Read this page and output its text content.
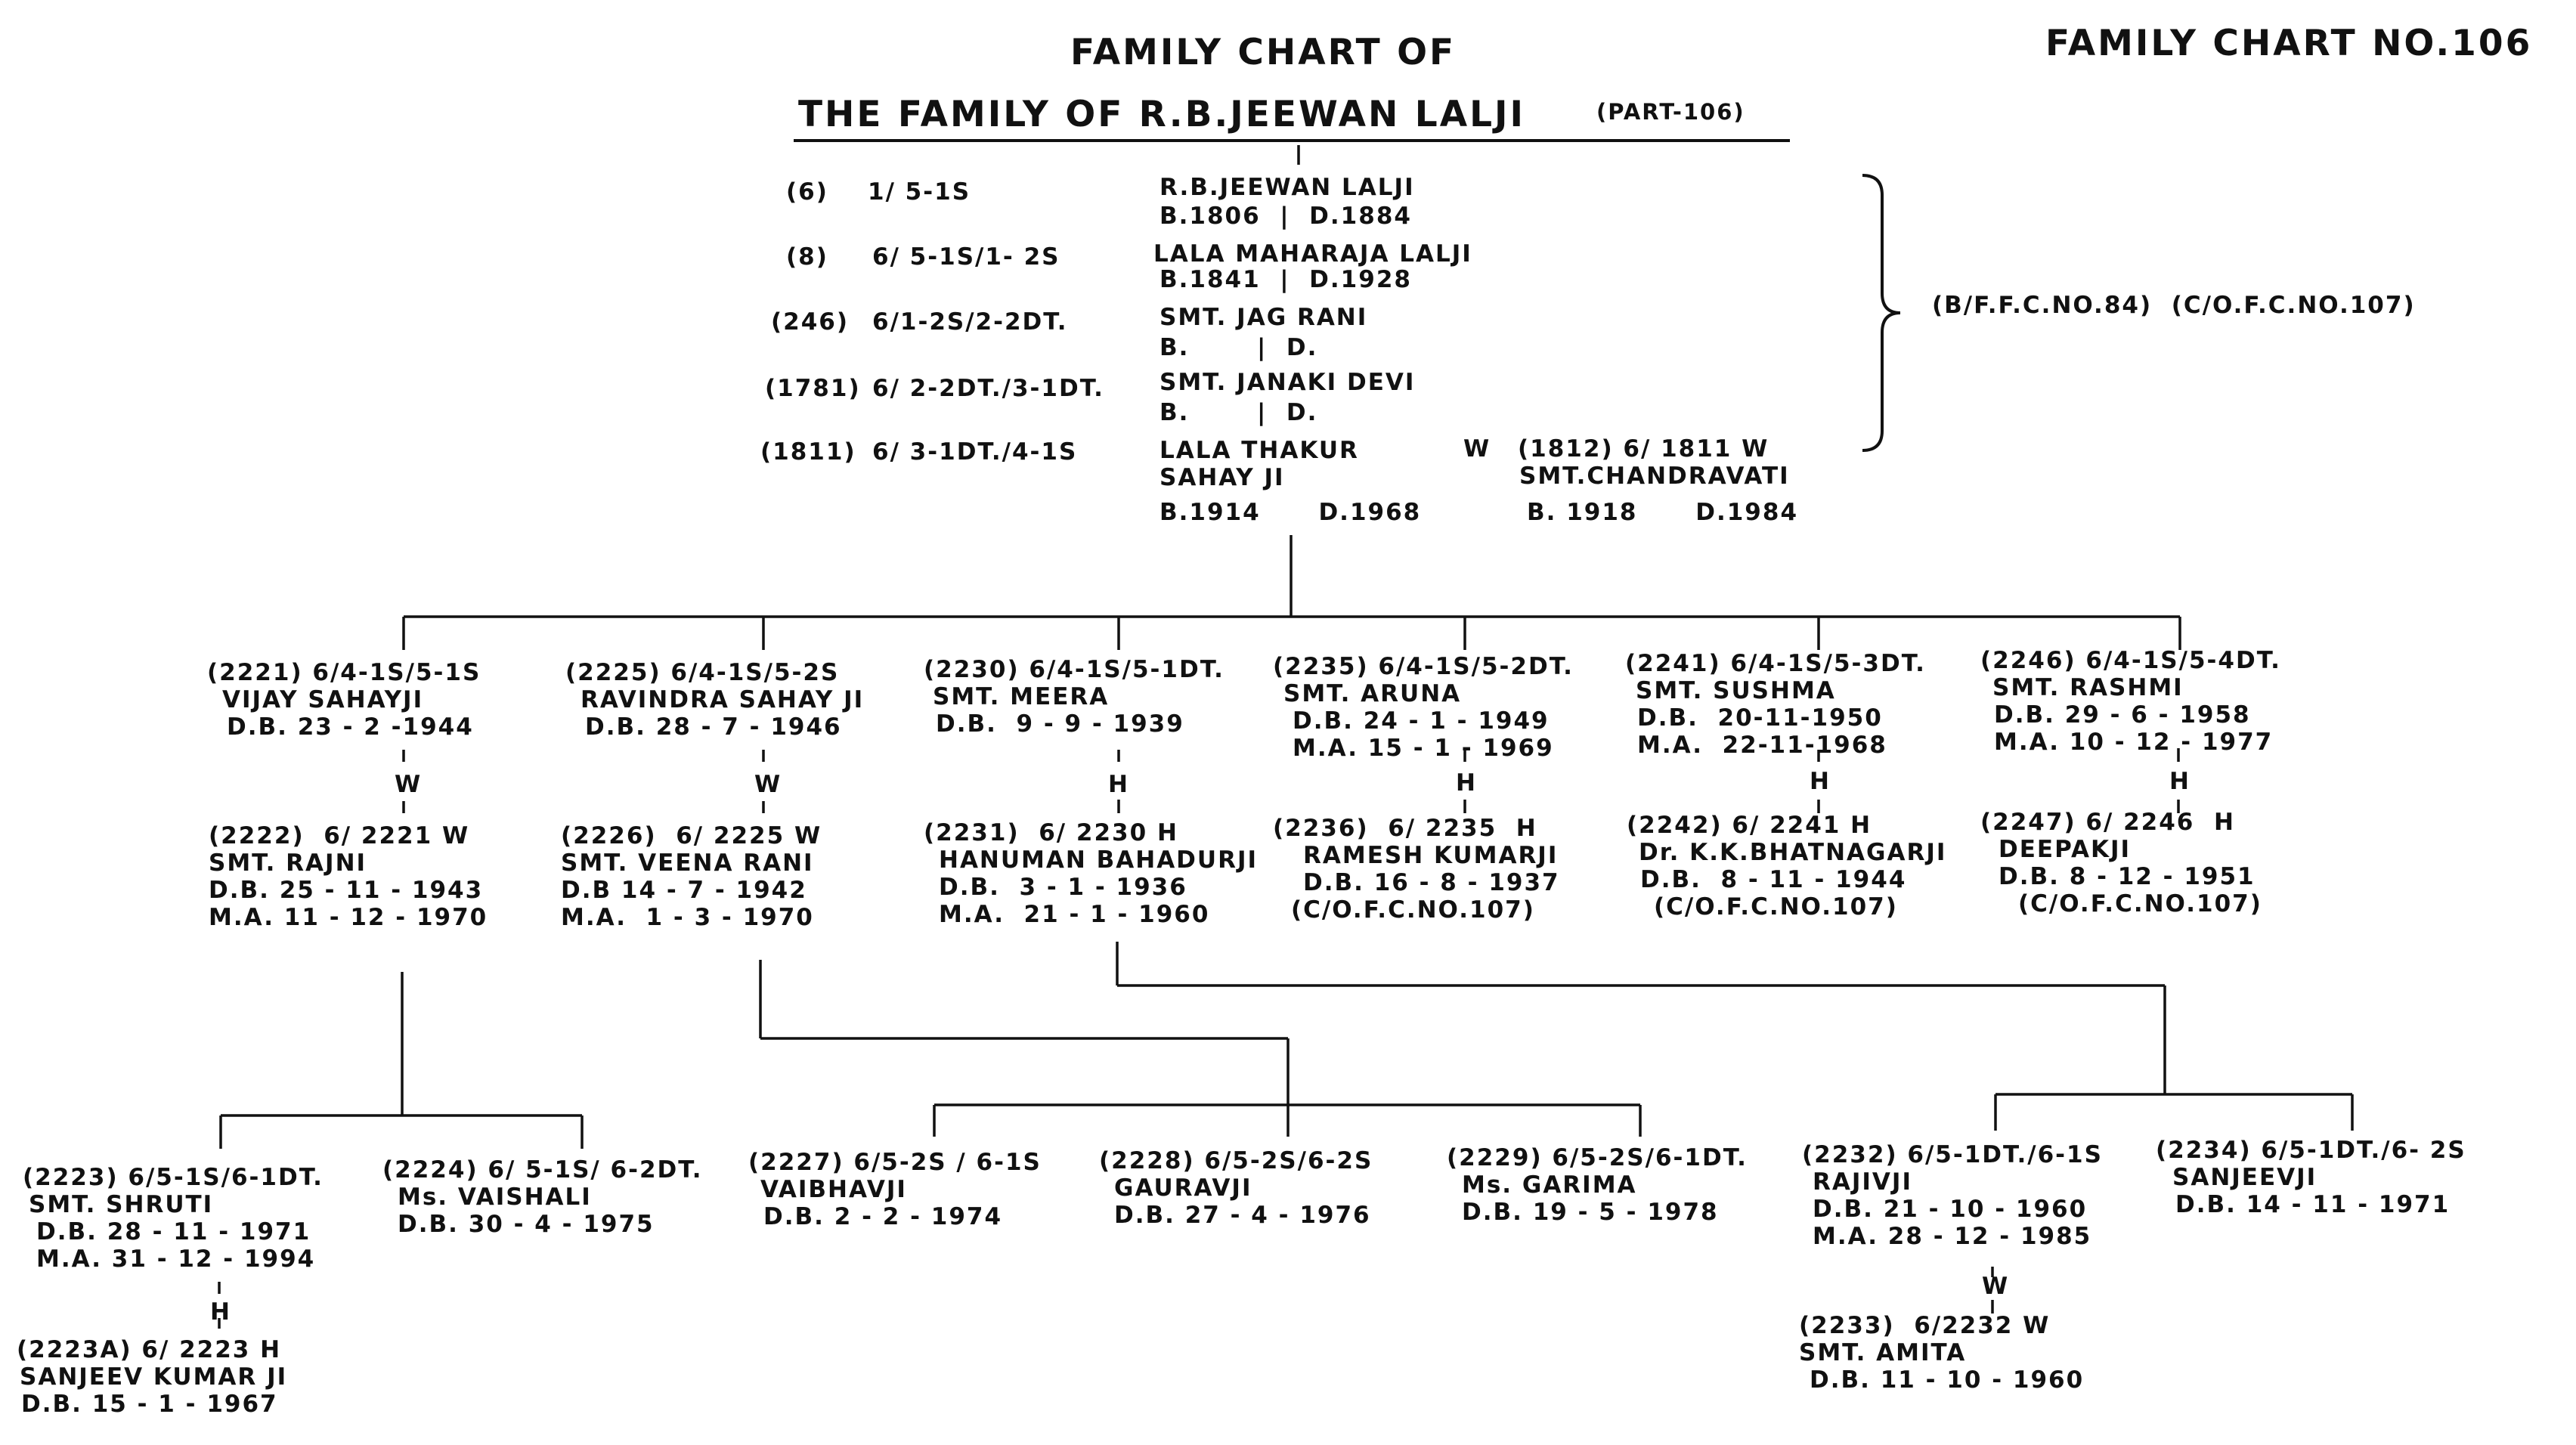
FAMILY CHART OF
THE FAMILY OF R.B.JEEWAN LALJI	(PART-106)
FAMILY CHART NO.106
(6) 1/ 5-1S	R.B.JEEWAN LALJI
B.1806  |  D.1884
(8) 6/ 5-1S/1- 2S	LALA MAHARAJA LALJI
B.1841  |  D.1928
(246) 6/1-2S/2-2DT.	SMT. JAG RANI
B.       |  D.
(1781) 6/ 2-2DT./3-1DT. SMT. JANAKI DEVI
B.       |  D.
(1811) 6/ 3-1DT./4-1S	LALA THAKUR
SAHAY JI
B.1914      D.1968
W (1812) 6/ 1811 W
SMT.CHANDRAVATI
B. 1918      D.1984
(B/F.F.C.NO.84)  (C/O.F.C.NO.107)
(2221) 6/4-1S/5-1S
VIJAY SAHAYJI
D.B. 23 - 2 -1944
W
(2222)  6/ 2221 W
SMT. RAJNI
D.B. 25 - 11 - 1943
M.A. 11 - 12 - 1970
(2225) 6/4-1S/5-2S
RAVINDRA SAHAY JI
D.B. 28 - 7 - 1946
W
(2226)  6/ 2225 W
SMT. VEENA RANI
D.B 14 - 7 - 1942
M.A.  1 - 3 - 1970
(2230) 6/4-1S/5-1DT.
SMT. MEERA
D.B.  9 - 9 - 1939
H
(2231)  6/ 2230 H
HANUMAN BAHADURJI
D.B.  3 - 1 - 1936
M.A.  21 - 1 - 1960
(2235) 6/4-1S/5-2DT.
SMT. ARUNA
D.B. 24 - 1 - 1949
M.A. 15 - 1 - 1969
H
(2236)  6/ 2235  H
RAMESH KUMARJI
D.B. 16 - 8 - 1937
(C/O.F.C.NO.107)
(2241) 6/4-1S/5-3DT.
SMT. SUSHMA
D.B.  20-11-1950
M.A.  22-11-1968
H
(2242) 6/ 2241 H
Dr. K.K.BHATNAGARJI
D.B.  8 - 11 - 1944
(C/O.F.C.NO.107)
(2246) 6/4-1S/5-4DT.
SMT. RASHMI
D.B. 29 - 6 - 1958
M.A. 10 - 12 - 1977
H
(2247) 6/ 2246  H
DEEPAKJI
D.B. 8 - 12 - 1951
(C/O.F.C.NO.107)
(2223) 6/5-1S/6-1DT.
SMT. SHRUTI
D.B. 28 - 11 - 1971
M.A. 31 - 12 - 1994
H
(2223A) 6/ 2223 H
SANJEEV KUMAR JI
D.B. 15 - 1 - 1967
(2224) 6/ 5-1S/ 6-2DT.
Ms. VAISHALI
D.B. 30 - 4 - 1975
(2227) 6/5-2S / 6-1S
VAIBHAVJI
D.B. 2 - 2 - 1974
(2228) 6/5-2S/6-2S
GAURAVJI
D.B. 27 - 4 - 1976
(2229) 6/5-2S/6-1DT.
Ms. GARIMA
D.B. 19 - 5 - 1978
(2232) 6/5-1DT./6-1S
RAJIVJI
D.B. 21 - 10 - 1960
M.A. 28 - 12 - 1985
W
(2233)  6/2232 W
SMT. AMITA
D.B. 11 - 10 - 1960
(2234) 6/5-1DT./6- 2S
SANJEEVJI
D.B. 14 - 11 - 1971
